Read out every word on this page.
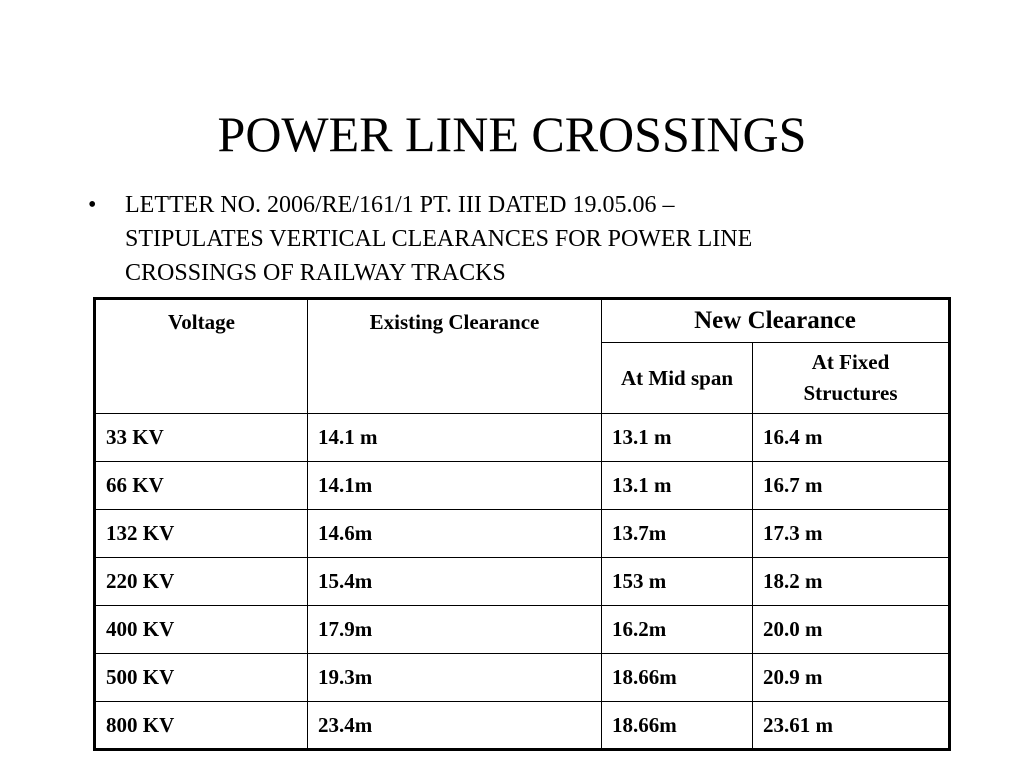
POWER LINE CROSSINGS
•	LETTER NO. 2006/RE/161/1 PT. III DATED 19.05.06 – STIPULATES VERTICAL CLEARANCES FOR POWER LINE CROSSINGS OF RAILWAY TRACKS
Voltage	Existing Clearance	New Clearance	
		At Mid span	At Fixed Structures
33 KV	14.1 m	13.1 m	16.4 m
66 KV	14.1m	13.1 m	16.7 m
132 KV	14.6m	13.7m	17.3 m
220 KV	15.4m	153 m	18.2 m
400 KV	17.9m	16.2m	20.0 m
500 KV	19.3m	18.66m	20.9 m
800 KV	23.4m	18.66m	23.61 m
